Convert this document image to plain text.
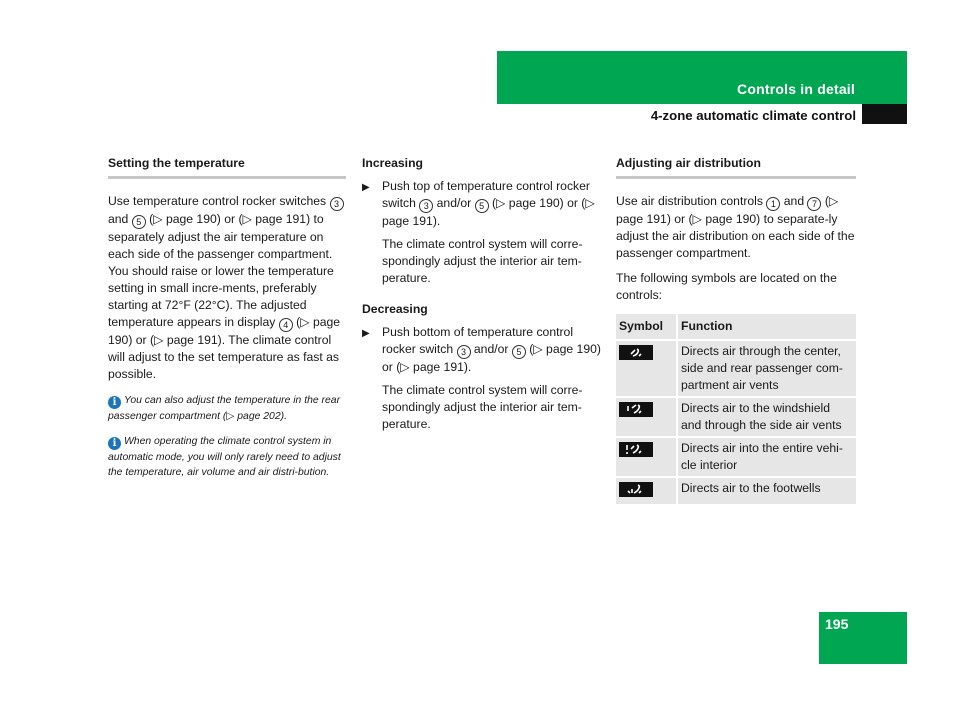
Controls in detail
4-zone automatic climate control
Setting the temperature

Use temperature control rocker switches 3 and 5 (▷ page 190) or (▷ page 191) to separately adjust the air temperature on each side of the passenger compartment. You should raise or lower the temperature setting in small incre-ments, preferably starting at 72°F (22°C). The adjusted temperature appears in display 4 (▷ page 190) or (▷ page 191). The climate control will adjust to the set temperature as fast as possible.

i You can also adjust the temperature in the rear passenger compartment (▷ page 202).
i When operating the climate control system in automatic mode, you will only rarely need to adjust the temperature, air volume and air distri-bution.
Increasing
▶ Push top of temperature control rocker switch 3 and/or 5 (▷ page 190) or (▷ page 191).

The climate control system will corre-spondingly adjust the interior air tem-perature.

Decreasing
▶ Push bottom of temperature control rocker switch 3 and/or 5 (▷ page 190) or (▷ page 191).

The climate control system will corre-spondingly adjust the interior air tem-perature.

Adjusting air distribution

Use air distribution controls 1 and 7 (▷ page 191) or (▷ page 190) to separate-ly adjust the air distribution on each side of the passenger compartment.

The following symbols are located on the controls:

Symbol	Function

	Directs air through the center, side and rear passenger com-partment air vents

	Directs air to the windshield and through the side air vents

	Directs air into the entire vehi-cle interior

	Directs air to the footwells
195
